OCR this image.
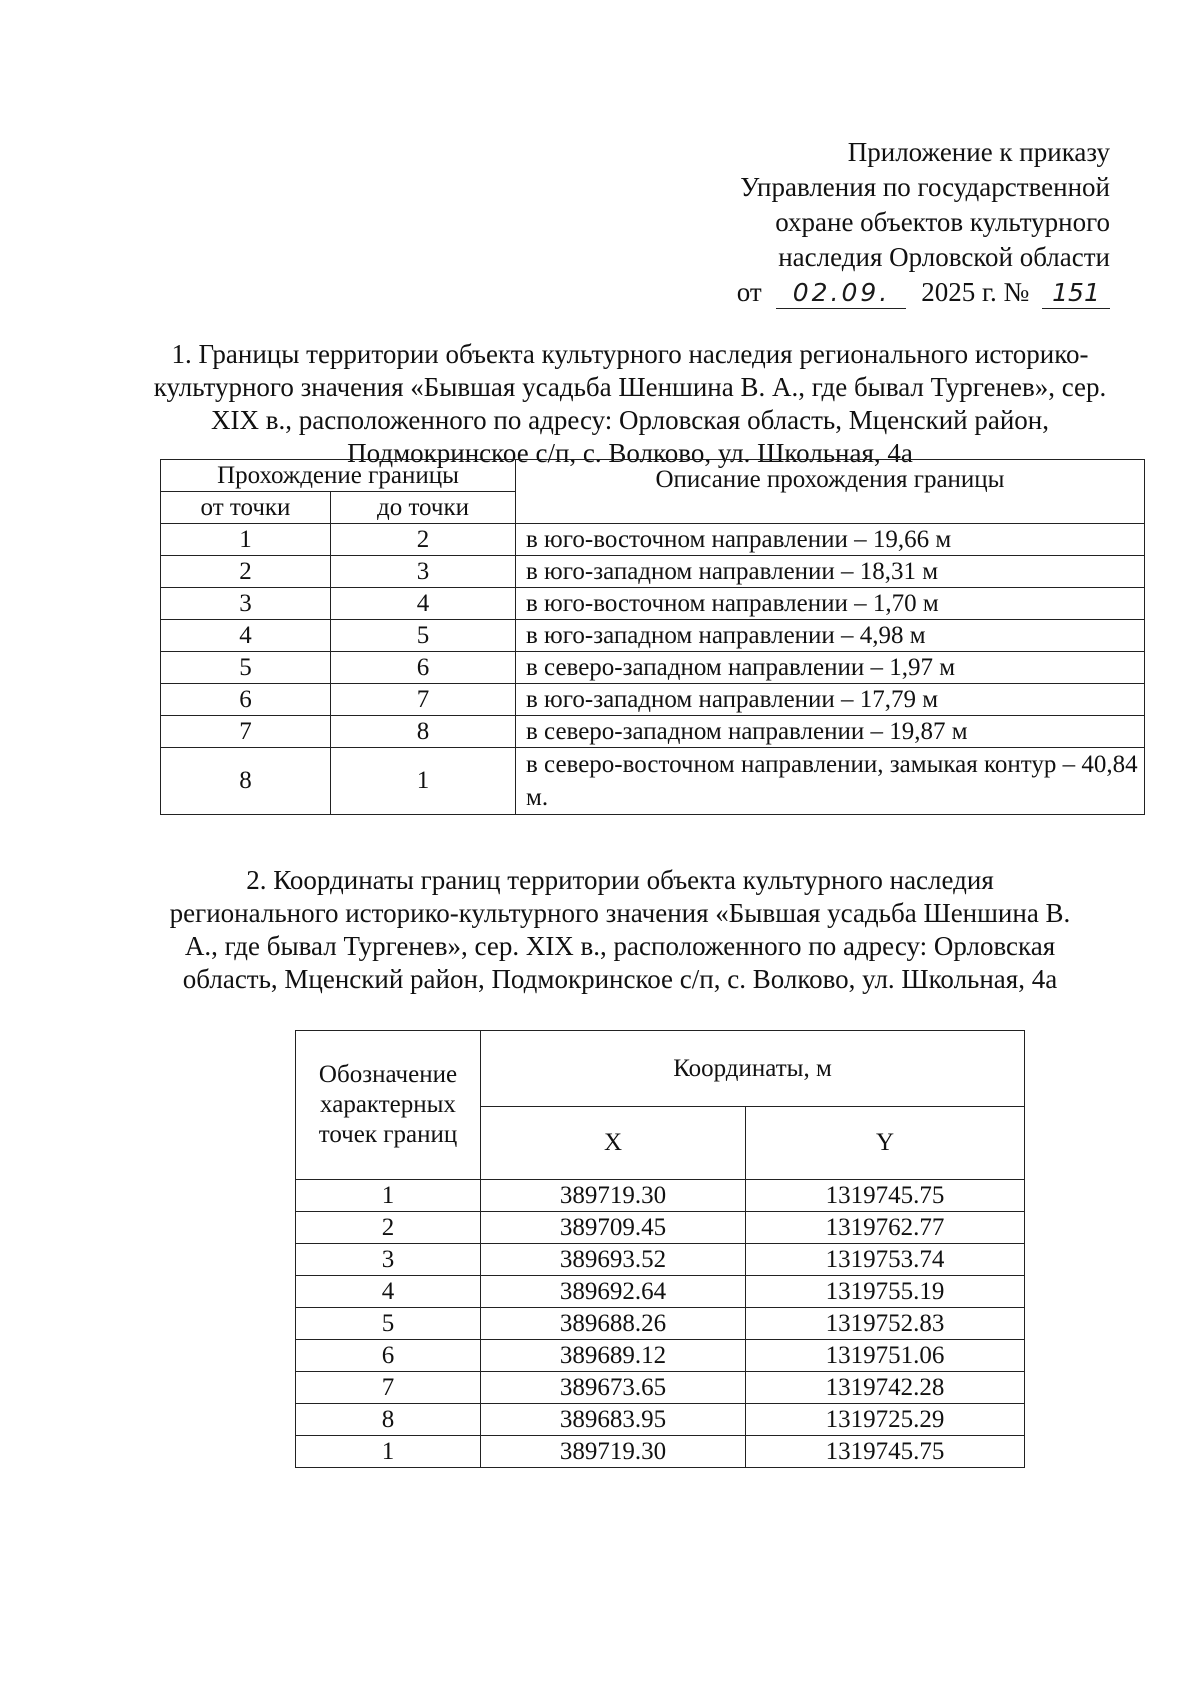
Приложение к приказу
Управления по государственной
охране объектов культурного
наследия Орловской области
от 02.09. 2025 г. № 151
1. Границы территории объекта культурного наследия регионального историко-культурного значения «Бывшая усадьба Шеншина В. А., где бывал Тургенев», сер. XIX в., расположенного по адресу: Орловская область, Мценский район, Подмокринское с/п, с. Волково, ул. Школьная, 4а
Прохождение границы		Описание прохождения границы
от точки	до точки	
1	2	в юго-восточном направлении – 19,66 м
2	3	в юго-западном направлении – 18,31 м
3	4	в юго-восточном направлении – 1,70 м
4	5	в юго-западном направлении – 4,98 м
5	6	в северо-западном направлении – 1,97 м
6	7	в юго-западном направлении – 17,79 м
7	8	в северо-западном направлении – 19,87 м
8	1	в северо-восточном направлении, замыкая контур – 40,84 м.
2. Координаты границ территории объекта культурного наследия регионального историко-культурного значения «Бывшая усадьба Шеншина В. А., где бывал Тургенев», сер. XIX в., расположенного по адресу: Орловская область, Мценский район, Подмокринское с/п, с. Волково, ул. Школьная, 4а
Обозначение характерных точек границ	Координаты, м	
	X	Y
1	389719.30	1319745.75
2	389709.45	1319762.77
3	389693.52	1319753.74
4	389692.64	1319755.19
5	389688.26	1319752.83
6	389689.12	1319751.06
7	389673.65	1319742.28
8	389683.95	1319725.29
1	389719.30	1319745.75
